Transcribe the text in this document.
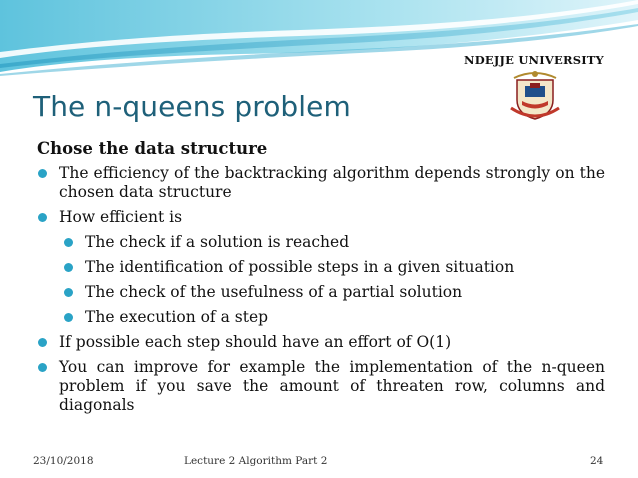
NDEJJE UNIVERSITY
The n-queens problem
Chose the data structure
The efficiency of the backtracking algorithm depends strongly on the chosen data structure
How efficient is
The check if a solution is reached
The identification of possible steps in a given situation
The check of the usefulness of a partial solution
The execution of a step
If possible each step should have an effort of O(1)
You can improve for example the implementation of the n-queen problem if you save the amount of threaten row, columns and diagonals
23/10/2018	Lecture 2 Algorithm Part 2	24
